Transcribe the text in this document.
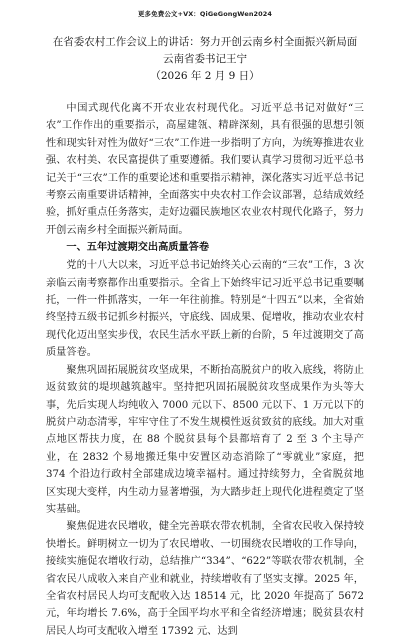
更多免费公文+VX：QiGeGongWen2024
在省委农村工作会议上的讲话：努力开创云南乡村全面振兴新局面
云南省委书记王宁
（2026 年 2 月 9 日）

中国式现代化离不开农业农村现代化。习近平总书记对做好“三农”工作作出的重要指示，高屋建瓴、精辟深刻，具有很强的思想引领性和现实针对性为做好“三农”工作进一步指明了方向，为统筹推进农业强、农村美、农民富提供了重要遵循。我们要认真学习贯彻习近平总书记关于“三农”工作的重要论述和重要指示精神，深化落实习近平总书记考察云南重要讲话精神，全面落实中央农村工作会议部署，总结成效经验，抓好重点任务落实，走好边疆民族地区农业农村现代化路子，努力开创云南乡村全面振兴新局面。

一、五年过渡期交出高质量答卷

党的十八大以来，习近平总书记始终关心云南的“三农”工作，3 次亲临云南考察都作出重要指示。全省上下始终牢记习近平总书记重要嘱托，一件一件抓落实，一年一年往前推。特别是“十四五”以来，全省始终坚持五级书记抓乡村振兴，守底线、固成果、促增收，推动农业农村现代化迈出坚实步伐，农民生活水平跃上新的台阶，5 年过渡期交了高质量答卷。

聚焦巩固拓展脱贫攻坚成果，不断抬高脱贫户的收入底线，将防止返贫致贫的堤坝越筑越牢。坚持把巩固拓展脱贫攻坚成果作为头等大事，先后实现人均纯收入 7000 元以下、8500 元以下、1 万元以下的脱贫户动态清零，牢牢守住了不发生规模性返贫致贫的底线。加大对重点地区帮扶力度，在 88 个脱贫县每个县都培育了 2 至 3 个主导产业，在 2832 个易地搬迁集中安置区动态消除了“零就业”家庭，把 374 个沿边行政村全部建成边境幸福村。通过持续努力，全省脱贫地区实现大变样，内生动力显著增强，为大踏步赶上现代化进程奠定了坚实基础。

聚焦促进农民增收，健全完善联农带农机制，全省农民收入保持较快增长。鲜明树立一切为了农民增收、一切围绕农民增收的工作导向，接续实施促农增收行动，总结推广“334”、“622”等联农带农机制，全省农民八成收入来自产业和就业，持续增收有了坚实支撑。2025 年，全省农村居民人均可支配收入达 18514 元，比 2020 年提高了 5672 元，年均增长 7.6%，高于全国平均水平和全省经济增速；脱贫县农村居民人均可支配收入增至 17392 元、达到
